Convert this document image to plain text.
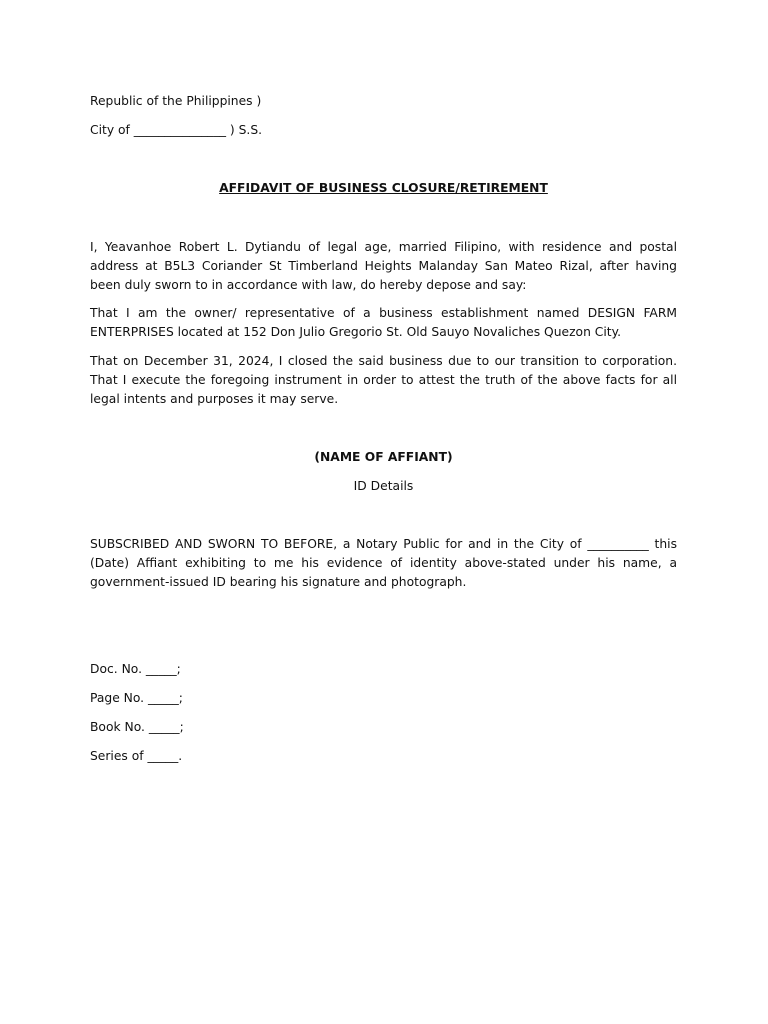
Republic of the Philippines )
City of _______________ ) S.S.
AFFIDAVIT OF BUSINESS CLOSURE/RETIREMENT
I, Yeavanhoe Robert L. Dytiandu of legal age, married Filipino, with residence and postal address at B5L3 Coriander St Timberland Heights Malanday San Mateo Rizal, after having been duly sworn to in accordance with law, do hereby depose and say:
That I am the owner/ representative of a business establishment named DESIGN FARM ENTERPRISES located at 152 Don Julio Gregorio St. Old Sauyo Novaliches Quezon City.
That on December 31, 2024, I closed the said business due to our transition to corporation. That I execute the foregoing instrument in order to attest the truth of the above facts for all legal intents and purposes it may serve.
(NAME OF AFFIANT)
ID Details
SUBSCRIBED AND SWORN TO BEFORE, a Notary Public for and in the City of __________ this (Date) Affiant exhibiting to me his evidence of identity above-stated under his name, a government-issued ID bearing his signature and photograph.
Doc. No. _____;
Page No. _____;
Book No. _____;
Series of _____.
